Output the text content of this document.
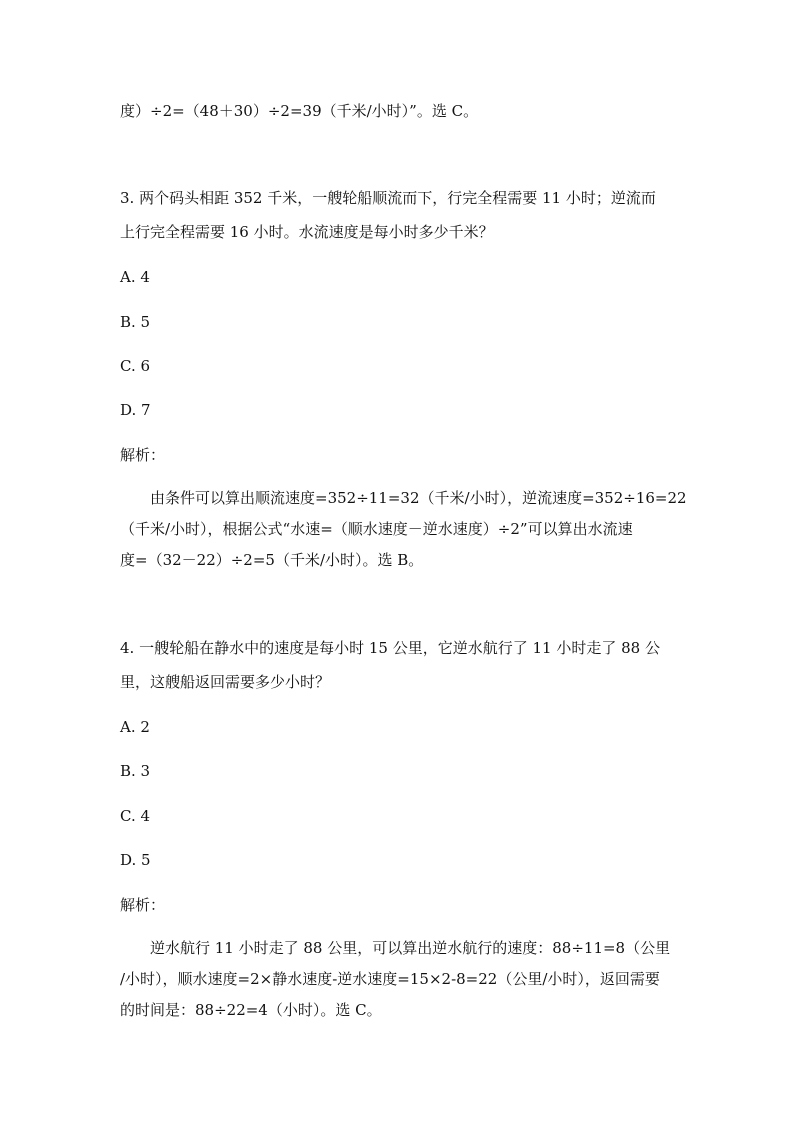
度）÷2=（48＋30）÷2=39（千米/小时）”。选 C。
3. 两个码头相距 352 千米，一艘轮船顺流而下，行完全程需要 11 小时；逆流而
上行完全程需要 16 小时。水流速度是每小时多少千米？
A. 4
B. 5
C. 6
D. 7
解析：
由条件可以算出顺流速度=352÷11=32（千米/小时），逆流速度=352÷16=22
（千米/小时），根据公式“水速=（顺水速度－逆水速度）÷2”可以算出水流速
度=（32－22）÷2=5（千米/小时）。选 B。
4. 一艘轮船在静水中的速度是每小时 15 公里，它逆水航行了 11 小时走了 88 公
里，这艘船返回需要多少小时？
A. 2
B. 3
C. 4
D. 5
解析：
逆水航行 11 小时走了 88 公里，可以算出逆水航行的速度：88÷11=8（公里
/小时），顺水速度=2×静水速度-逆水速度=15×2-8=22（公里/小时），返回需要
的时间是：88÷22=4（小时）。选 C。
